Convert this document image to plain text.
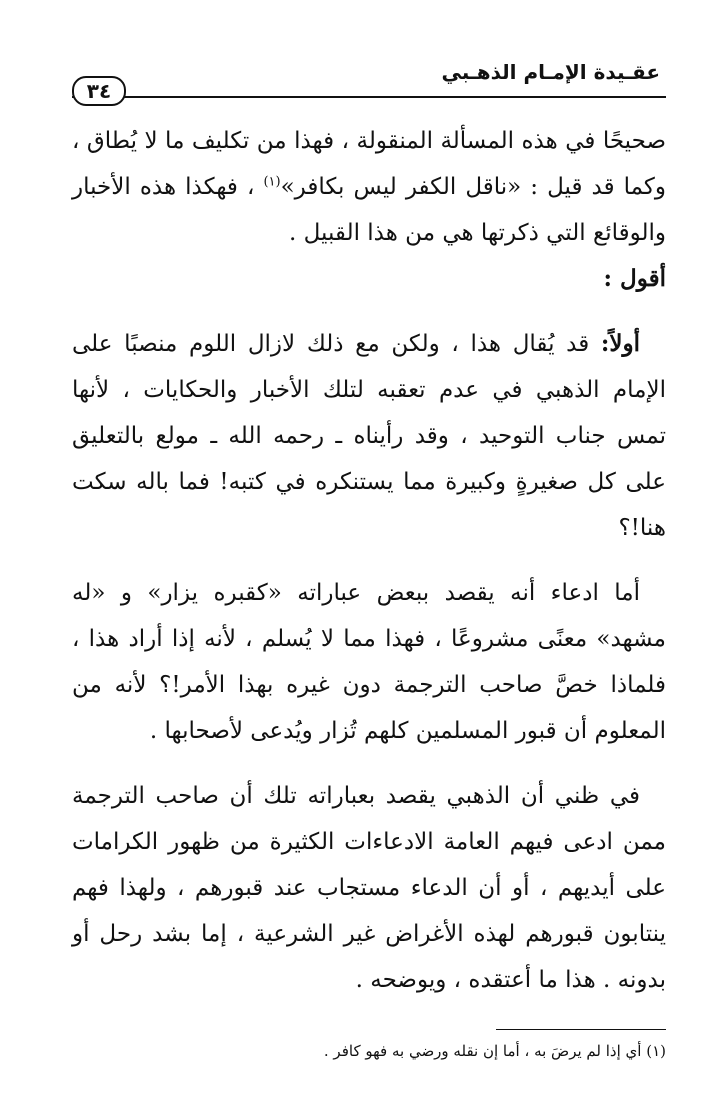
عقـيدة الإمـام الذهـبي
٣٤

صحيحًا في هذه المسألة المنقولة ، فهذا من تكليف ما لا يُطاق ، وكما قد قيل : «ناقل الكفر ليس بكافر»$^{(١)}$ ، فهكذا هذه الأخبار والوقائع التي ذكرتها هي من هذا القبيل .

أقول :

أولاً: قد يُقال هذا ، ولكن مع ذلك لازال اللوم منصبًا على الإمام الذهبي في عدم تعقبه لتلك الأخبار والحكايات ، لأنها تمس جناب التوحيد ، وقد رأيناه ـ رحمه الله ـ مولع بالتعليق على كل صغيرةٍ وكبيرة مما يستنكره في كتبه! فما باله سكت هنا!؟

أما ادعاء أنه يقصد ببعض عباراته «كقبره يزار» و «له مشهد» معنًى مشروعًا ، فهذا مما لا يُسلم ، لأنه إذا أراد هذا ، فلماذا خصَّ صاحب الترجمة دون غيره بهذا الأمر!؟ لأنه من المعلوم أن قبور المسلمين كلهم تُزار ويُدعى لأصحابها .

في ظني أن الذهبي يقصد بعباراته تلك أن صاحب الترجمة ممن ادعى فيهم العامة الادعاءات الكثيرة من ظهور الكرامات على أيديهم ، أو أن الدعاء مستجاب عند قبورهم ، ولهذا فهم ينتابون قبورهم لهذه الأغراض غير الشرعية ، إما بشد رحل أو بدونه . هذا ما أعتقده ، ويوضحه .

(١) أي إذا لم يرضَ به ، أما إن نقله ورضي به فهو كافر .
